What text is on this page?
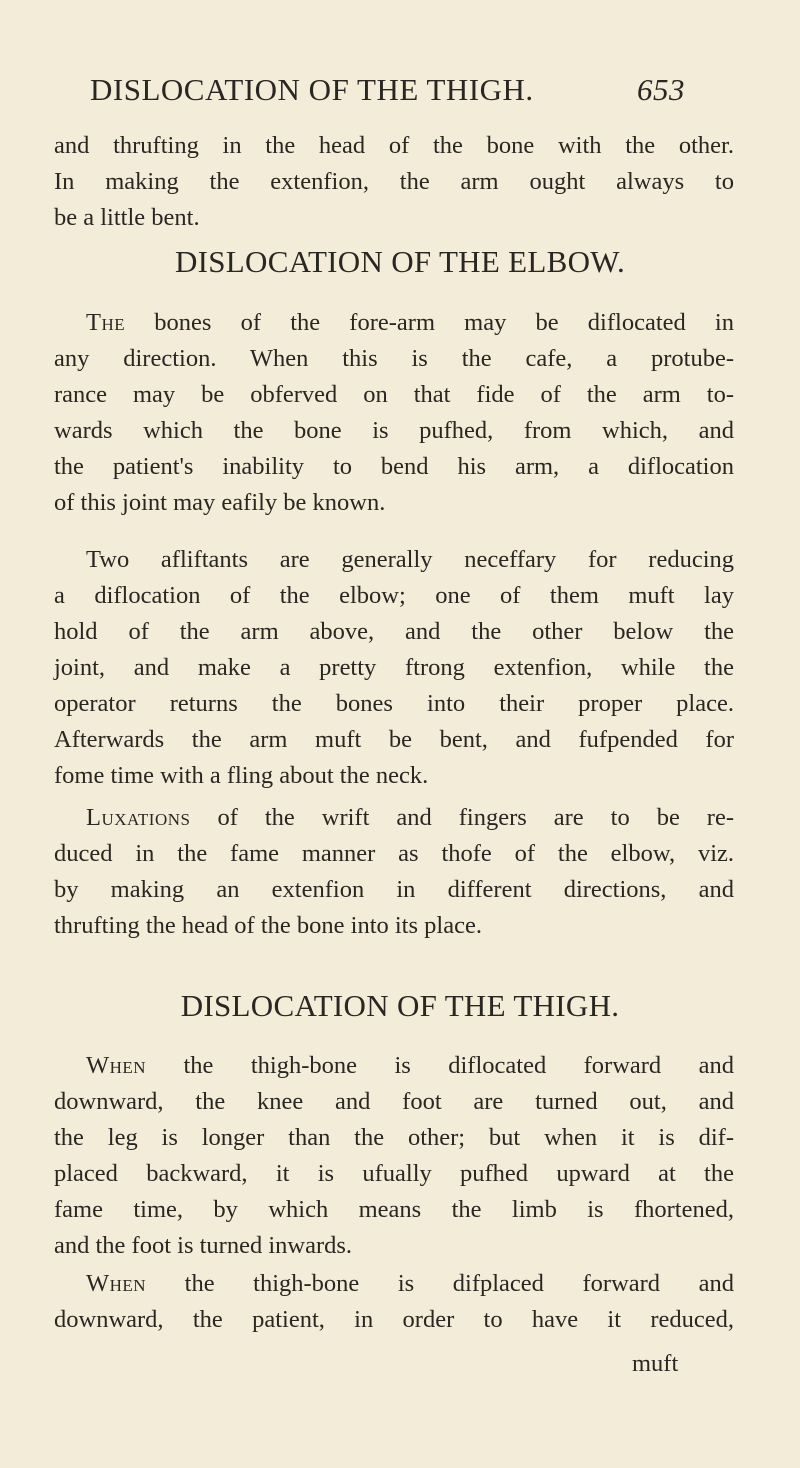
DISLOCATION OF THE THIGH.	653

and thrufting in the head of the bone with the other.
In making the extenfion, the arm ought always to
be a little bent.

DISLOCATION OF THE ELBOW.

The bones of the fore-arm may be diflocated in
any direction. When this is the cafe, a protube-
rance may be obferved on that fide of the arm to-
wards which the bone is pufhed, from which, and
the patient's inability to bend his arm, a diflocation
of this joint may eafily be known.

Two afliftants are generally neceffary for reducing
a diflocation of the elbow; one of them muft lay
hold of the arm above, and the other below the
joint, and make a pretty ftrong extenfion, while the
operator returns the bones into their proper place.
Afterwards the arm muft be bent, and fufpended for
fome time with a fling about the neck.

Luxations of the wrift and fingers are to be re-
duced in the fame manner as thofe of the elbow, viz.
by making an extenfion in different directions, and
thrufting the head of the bone into its place.

DISLOCATION OF THE THIGH.

When the thigh-bone is diflocated forward and
downward, the knee and foot are turned out, and
the leg is longer than the other; but when it is dif-
placed backward, it is ufually pufhed upward at the
fame time, by which means the limb is fhortened,
and the foot is turned inwards.

When the thigh-bone is difplaced forward and
downward, the patient, in order to have it reduced,

muft
